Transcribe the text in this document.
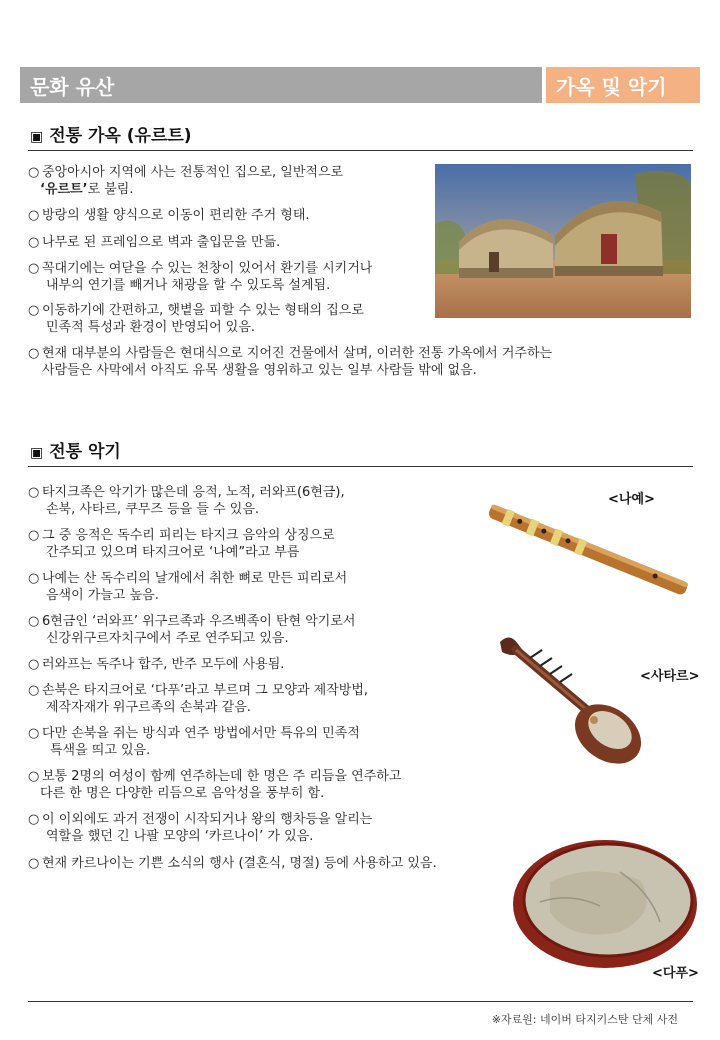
문화 유산	가옥 및 악기
▣ 전통 가옥 (유르트)
○ 중앙아시아 지역에 사는 전통적인 집으로, 일반적으로
‘유르트’로 불림.
○ 방랑의 생활 양식으로 이동이 편리한 주거 형태.
○ 나무로 된 프레임으로 벽과 출입문을 만듦.
○ 꼭대기에는 여닫을 수 있는 천창이 있어서 환기를 시키거나
내부의 연기를 빼거나 채광을 할 수 있도록 설계됨.
○ 이동하기에 간편하고, 햇볕을 피할 수 있는 형태의 집으로
민족적 특성과 환경이 반영되어 있음.
○ 현재 대부분의 사람들은 현대식으로 지어진 건물에서 살며, 이러한 전통 가옥에서 거주하는
사람들은 사막에서 아직도 유목 생활을 영위하고 있는 일부 사람들 밖에 없음.
▣ 전통 악기
○ 타지크족은 악기가 많은데 응적, 노적, 러와프(6현금),
손북, 사타르, 쿠무즈 등을 들 수 있음.
○ 그 중 응적은 독수리 피리는 타지크 음악의 상징으로
간주되고 있으며 타지크어로 ‘나예”라고 부름
○ 나예는 산 독수리의 날개에서 취한 뼈로 만든 피리로서
음색이 가늘고 높음.
○ 6현금인 ‘러와프’ 위구르족과 우즈벡족이 탄현 악기로서
신강위구르자치구에서 주로 연주되고 있음.
○ 러와프는 독주나 합주, 반주 모두에 사용됨.
○ 손북은 타지크어로 ‘다푸’라고 부르며 그 모양과 제작방법,
제작자재가 위구르족의 손북과 같음.
○ 다만 손북을 쥐는 방식과 연주 방법에서만 특유의 민족적
특색을 띄고 있음.
○ 보통 2명의 여성이 함께 연주하는데 한 명은 주 리듬을 연주하고
다른 한 명은 다양한 리듬으로 음악성을 풍부히 함.
○ 이 이외에도 과거 전쟁이 시작되거나 왕의 행차등을 알리는
역할을 했던 긴 나팔 모양의 ‘카르나이’ 가 있음.
○ 현재 카르나이는 기쁜 소식의 행사 (결혼식, 명절) 등에 사용하고 있음.
<나예>
<사타르>
<다푸>
※자료원: 네이버 타지키스탄 단체 사전
